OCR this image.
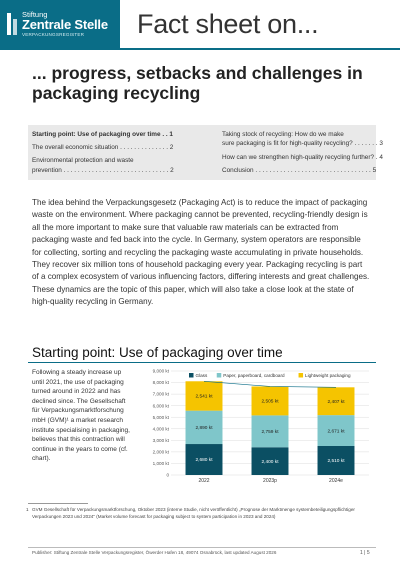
Stiftung
Zentrale Stelle
VERPACKUNGSREGISTER Fact sheet on...
... progress, setbacks and challenges in packaging recycling
Starting point: Use of packaging over time . . 1
The overall economic situation . . . . . . . . . . . . . . 2
Environmental protection and waste
prevention . . . . . . . . . . . . . . . . . . . . . . . . . . . . . . 2
Taking stock of recycling: How do we make
sure packaging is fit for high-quality recycling? . . . . . . . 3
How can we strengthen high-quality recycling further? . 4
Conclusion . . . . . . . . . . . . . . . . . . . . . . . . . . . . . . . . . 5
The idea behind the Verpackungsgesetz (Packaging Act) is to reduce the impact of packaging waste on the environment. Where packaging cannot be prevented, recycling-friendly design is all the more important to make sure that valuable raw materials can be extracted from packaging waste and fed back into the cycle. In Germany, system operators are responsible for collecting, sorting and recycling the packaging waste accumulating in private households. They recover six million tons of household packaging every year. Packaging recycling is part of a complex ecosystem of various influencing factors, differing interests and great challenges. These dynamics are the topic of this paper, which will also take a close look at the state of high-quality recycling in Germany.
Starting point: Use of packaging over time
Following a steady increase up until 2021, the use of packaging turned around in 2022 and has declined since. The Gesellschaft für Verpackungsmarktforschung mbH (GVM)¹ a market research institute specialising in packaging, believes that this contraction will continue in the years to come (cf. chart).
0
1,000 kt
2,000 kt
3,000 kt
4,000 kt
5,000 kt
6,000 kt
7,000 kt
8,000 kt
9,000 kt
Glass	Paper, paperboard, cardboard	Lightweight packaging
2,680 kt
2,890 kt
2,541 kt
2022
2,400 kt
2,759 kt
2,505 kt
2023p
2,510 kt
2,671 kt
2,407 kt
2024e
1 GVM Gesellschaft für Verpackungsmarktforschung, Oktober 2023 (interne Studie, nicht veröffentlicht) „Prognose der Marktmenge systembeteiligungspflichtiger Verpackungen 2023 und 2024" (Market volume forecast for packaging subject to system participation in 2023 and 2024)
Publisher: Stiftung Zentrale Stelle Verpackungsregister, Öwerder Hafen 18, 49074 Osnabrück, last updated August 2026	1 | 5
